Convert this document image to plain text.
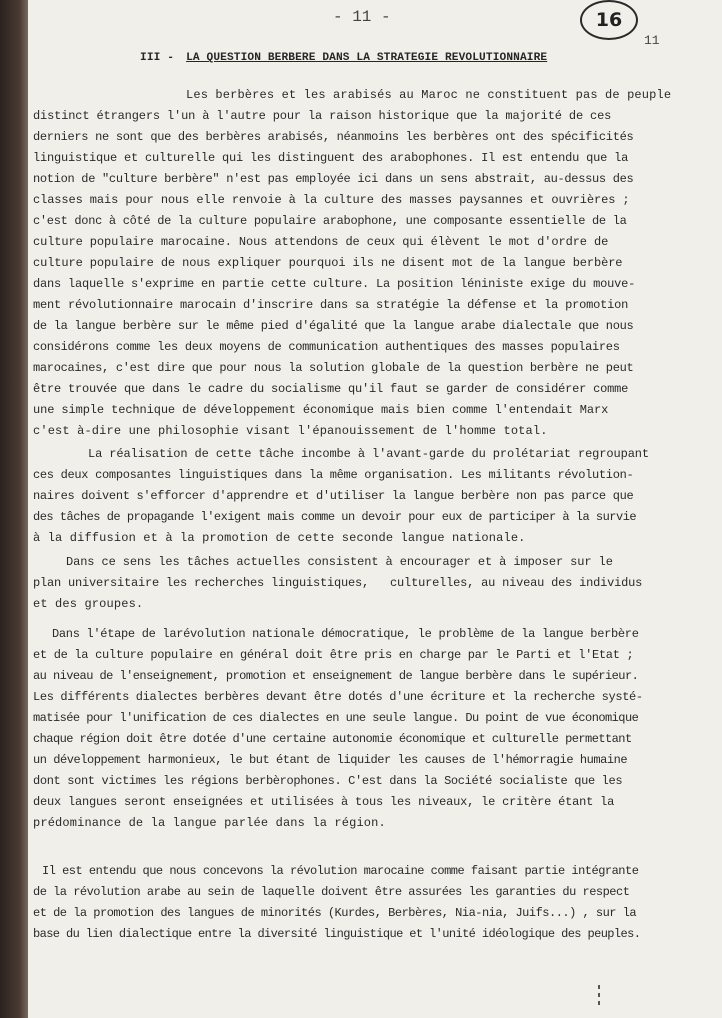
- 11 -	16
11
III - LA QUESTION BERBERE DANS LA STRATEGIE REVOLUTIONNAIRE
Les berbères et les arabisés au Maroc ne constituent pas de peuple
distinct étrangers l'un à l'autre pour la raison historique que la majorité de ces
derniers ne sont que des berbères arabisés, néanmoins les berbères ont des spécificités
linguistique et culturelle qui les distinguent des arabophones. Il est entendu que la
notion de "culture berbère" n'est pas employée ici dans un sens abstrait, au-dessus des
classes mais pour nous elle renvoie à la culture des masses paysannes et ouvrières ;
c'est donc à côté de la culture populaire arabophone, une composante essentielle de la
culture populaire marocaine. Nous attendons de ceux qui élèvent le mot d'ordre de
culture populaire de nous expliquer pourquoi ils ne disent mot de la langue berbère
dans laquelle s'exprime en partie cette culture. La position léniniste exige du mouve-
ment révolutionnaire marocain d'inscrire dans sa stratégie la défense et la promotion
de la langue berbère sur le même pied d'égalité que la langue arabe dialectale que nous
considérons comme les deux moyens de communication authentiques des masses populaires
marocaines, c'est dire que pour nous la solution globale de la question berbère ne peut
être trouvée que dans le cadre du socialisme qu'il faut se garder de considérer comme
une simple technique de développement économique mais bien comme l'entendait Marx
c'est à-dire une philosophie visant l'épanouissement de l'homme total.
La réalisation de cette tâche incombe à l'avant-garde du prolétariat regroupant
ces deux composantes linguistiques dans la même organisation. Les militants révolution-
naires doivent s'efforcer d'apprendre et d'utiliser la langue berbère non pas parce que
des tâches de propagande l'exigent mais comme un devoir pour eux de participer à la survie
à la diffusion et à la promotion de cette seconde langue nationale.
Dans ce sens les tâches actuelles consistent à encourager et à imposer sur le
plan universitaire les recherches linguistiques,   culturelles, au niveau des individus
et des groupes.
Dans l'étape de larévolution nationale démocratique, le problème de la langue berbère
et de la culture populaire en général doit être pris en charge par le Parti et l'Etat ;
au niveau de l'enseignement, promotion et enseignement de langue berbère dans le supérieur.
Les différents dialectes berbères devant être dotés d'une écriture et la recherche systé-
matisée pour l'unification de ces dialectes en une seule langue. Du point de vue économique
chaque région doit être dotée d'une certaine autonomie économique et culturelle permettant
un développement harmonieux, le but étant de liquider les causes de l'hémorragie humaine
dont sont victimes les régions berbèrophones. C'est dans la Société socialiste que les
deux langues seront enseignées et utilisées à tous les niveaux, le critère étant la
prédominance de la langue parlée dans la région.
Il est entendu que nous concevons la révolution marocaine comme faisant partie intégrante
de la révolution arabe au sein de laquelle doivent être assurées les garanties du respect
et de la promotion des langues de minorités (Kurdes, Berbères, Nia-nia, Juifs...) , sur la
base du lien dialectique entre la diversité linguistique et l'unité idéologique des peuples.
